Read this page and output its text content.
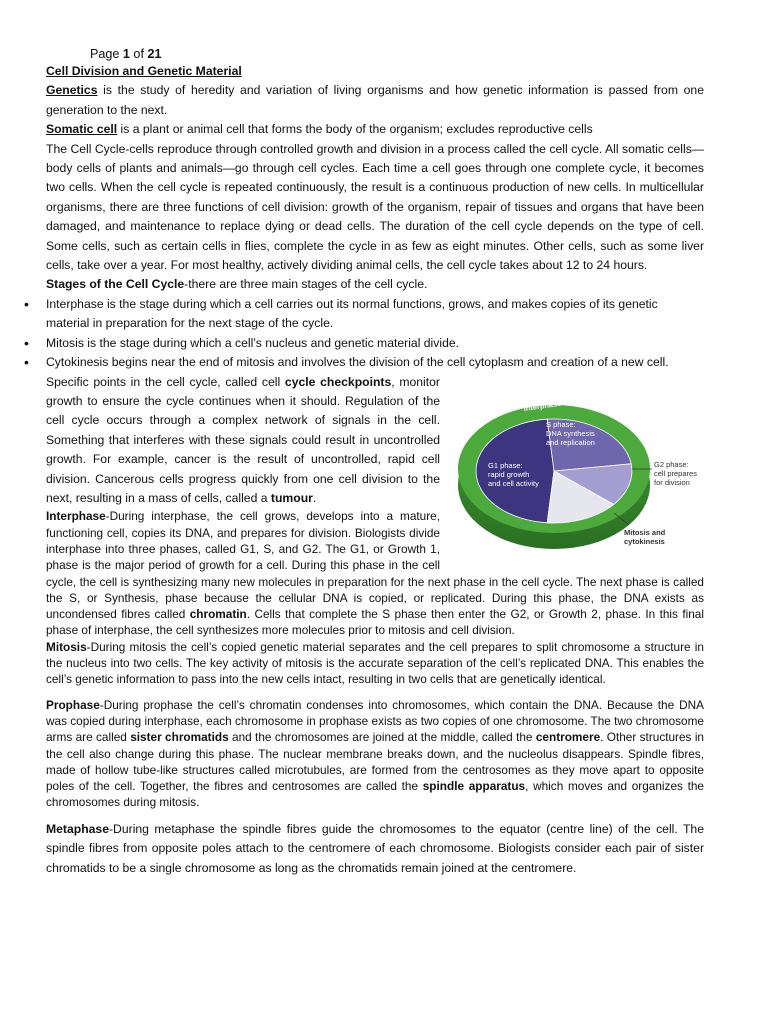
Page 1 of 21

Cell Division and Genetic Material

Genetics is the study of heredity and variation of living organisms and how genetic information is passed from one generation to the next.

Somatic cell is a plant or animal cell that forms the body of the organism; excludes reproductive cells

The Cell Cycle-cells reproduce through controlled growth and division in a process called the cell cycle. All somatic cells—body cells of plants and animals—go through cell cycles. Each time a cell goes through one complete cycle, it becomes two cells. When the cell cycle is repeated continuously, the result is a continuous production of new cells. In multicellular organisms, there are three functions of cell division: growth of the organism, repair of tissues and organs that have been damaged, and maintenance to replace dying or dead cells. The duration of the cell cycle depends on the type of cell. Some cells, such as certain cells in flies, complete the cycle in as few as eight minutes. Other cells, such as some liver cells, take over a year. For most healthy, actively dividing animal cells, the cell cycle takes about 12 to 24 hours.

Stages of the Cell Cycle-there are three main stages of the cell cycle.

• Interphase is the stage during which a cell carries out its normal functions, grows, and makes copies of its genetic material in preparation for the next stage of the cycle.
• Mitosis is the stage during which a cell’s nucleus and genetic material divide.
• Cytokinesis begins near the end of mitosis and involves the division of the cell cytoplasm and creation of a new cell.
Interphase
S phase: DNA synthesis and replication
G1 phase: rapid growth and cell activity
G2 phase: cell prepares for division
Mitosis and cytokinesis

Specific points in the cell cycle, called cell cycle checkpoints, monitor growth to ensure the cycle continues when it should. Regulation of the cell cycle occurs through a complex network of signals in the cell. Something that interferes with these signals could result in uncontrolled growth. For example, cancer is the result of uncontrolled, rapid cell division. Cancerous cells progress quickly from one cell division to the next, resulting in a mass of cells, called a tumour.

Interphase-During interphase, the cell grows, develops into a mature, functioning cell, copies its DNA, and prepares for division. Biologists divide interphase into three phases, called G1, S, and G2. The G1, or Growth 1, phase is the major period of growth for a cell. During this phase in the cell cycle, the cell is synthesizing many new molecules in preparation for the next phase in the cell cycle. The next phase is called the S, or Synthesis, phase because the cellular DNA is copied, or replicated. During this phase, the DNA exists as uncondensed fibres called chromatin. Cells that complete the S phase then enter the G2, or Growth 2, phase. In this final phase of interphase, the cell synthesizes more molecules prior to mitosis and cell division.

Mitosis-During mitosis the cell’s copied genetic material separates and the cell prepares to split chromosome a structure in the nucleus into two cells. The key activity of mitosis is the accurate separation of the cell’s replicated DNA. This enables the cell’s genetic information to pass into the new cells intact, resulting in two cells that are genetically identical.

Prophase-During prophase the cell’s chromatin condenses into chromosomes, which contain the DNA. Because the DNA was copied during interphase, each chromosome in prophase exists as two copies of one chromosome. The two chromosome arms are called sister chromatids and the chromosomes are joined at the middle, called the centromere. Other structures in the cell also change during this phase. The nuclear membrane breaks down, and the nucleolus disappears. Spindle fibres, made of hollow tube-like structures called microtubules, are formed from the centrosomes as they move apart to opposite poles of the cell. Together, the fibres and centrosomes are called the spindle apparatus, which moves and organizes the chromosomes during mitosis.

Metaphase-During metaphase the spindle fibres guide the chromosomes to the equator (centre line) of the cell. The spindle fibres from opposite poles attach to the centromere of each chromosome. Biologists consider each pair of sister chromatids to be a single chromosome as long as the chromatids remain joined at the centromere.
